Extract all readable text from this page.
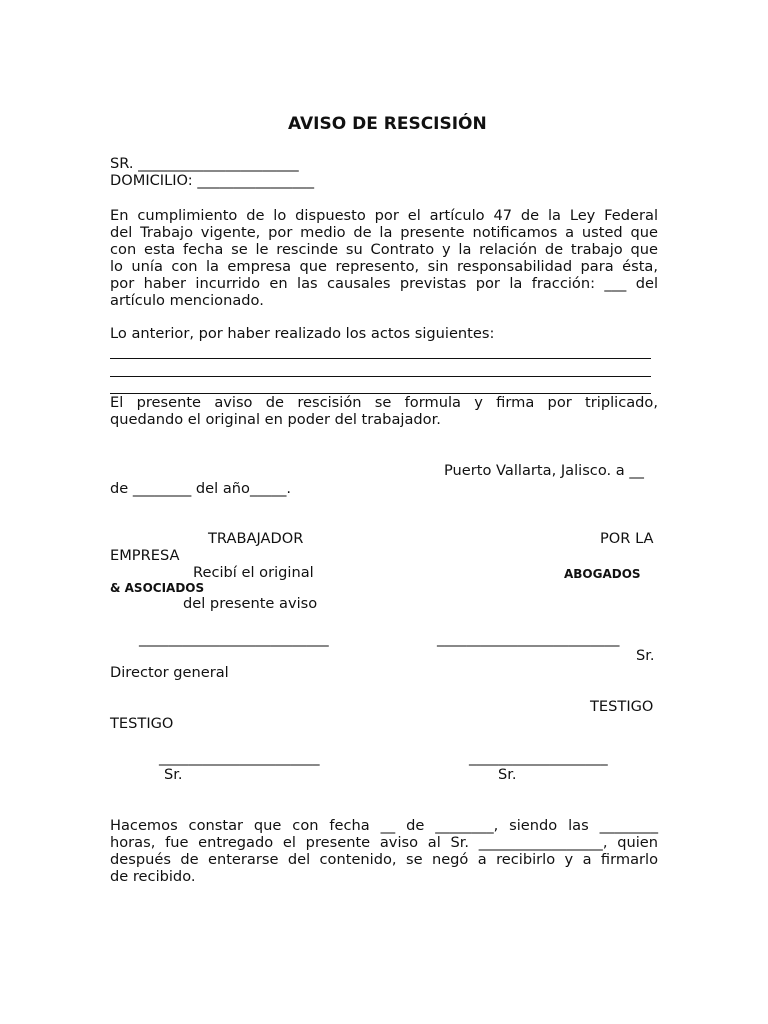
AVISO DE RESCISIÓN
SR. ______________________
DOMICILIO: ________________
En cumplimiento de lo dispuesto por el artículo 47 de la Ley Federal
del Trabajo vigente, por medio de la presente notificamos a usted que
con esta fecha se le rescinde su Contrato y la relación de trabajo que
lo unía con la empresa que represento, sin responsabilidad para ésta,
por haber incurrido en las causales previstas por la fracción: ___ del
artículo mencionado.
Lo anterior, por haber realizado los actos siguientes:
El presente aviso de rescisión se formula y firma por triplicado,
quedando el original en poder del trabajador.
Puerto Vallarta, Jalisco. a __
de ________ del año_____.
TRABAJADOR	POR LA
EMPRESA
Recibí el original	ABOGADOS
& ASOCIADOS
del presente aviso
__________________________	_________________________
Sr.
Director general
TESTIGO
TESTIGO
______________________	___________________
Sr.	Sr.
Hacemos constar que con fecha __ de ________, siendo las ________
horas, fue entregado el presente aviso al Sr. _________________, quien
después de enterarse del contenido, se negó a recibirlo y a firmarlo
de recibido.
